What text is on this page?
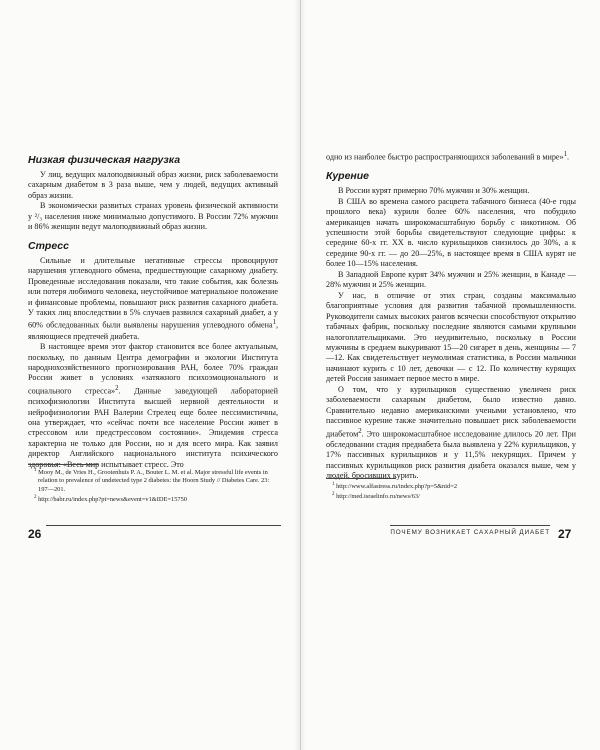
Низкая физическая нагрузка

У лиц, ведущих малоподвижный образ жизни, риск заболеваемости сахарным диабетом в 3 раза выше, чем у людей, ведущих активный образ жизни.

В экономически развитых странах уровень физической активности у ²/₃ населения ниже минимально допустимого. В России 72% мужчин и 86% женщин ведут малоподвижный образ жизни.

Стресс

Сильные и длительные негативные стрессы провоцируют нарушения углеводного обмена, предшествующие сахарному диабету. Проведенные исследования показали, что такие события, как болезнь или потеря любимого человека, неустойчивое материальное положение и финансовые проблемы, повышают риск развития сахарного диабета. У таких лиц впоследствии в 5% случаев развился сахарный диабет, а у 60% обследованных были выявлены нарушения углеводного обмена$^1$, являющиеся предтечей диабета.

В настоящее время этот фактор становится все более актуальным, поскольку, по данным Центра демографии и экологии Института народнохозяйственного прогнозирования РАН, более 70% граждан России живет в условиях «затяжного психоэмоционального и социального стресса»$^2$. Данные заведующей лабораторией психофизиологии Института высшей нервной деятельности и нейрофизиологии РАН Валерии Стрелец еще более пессимистичны, она утверждает, что «сейчас почти все население России живет в стрессовом или предстрессовом состоянии». Эпидемия стресса характерна не только для России, но и для всего мира. Как заявил директор Английского национального института психического здоровья: «Весь мир испытывает стресс. Это

$^1$ Mooy M., de Vries H., Grootenhuis P. A., Bouter L. M. et al. Major stressful life events in relation to prevalence of undetected type 2 diabetes: the Hoorn Study // Diabetes Care. 23: 197—201.
$^2$ http://babr.ru/index.php?pt=news&event=v1&IDE=15750
26

одно из наиболее быстро распространяющихся заболеваний в мире»$^1$.

Курение

В России курят примерно 70% мужчин и 30% женщин.

В США во времена самого расцвета табачного бизнеса (40-е годы прошлого века) курили более 60% населения, что побудило американцев начать широкомасштабную борьбу с никотином. Об успешности этой борьбы свидетельствуют следующие цифры: к середине 60-х гг. XX в. число курильщиков снизилось до 30%, а к середине 90-х гг. — до 20—25%, в настоящее время в США курят не более 10—15% населения.

В Западной Европе курят 34% мужчин и 25% женщин, в Канаде — 28% мужчин и 25% женщин.

У нас, в отличие от этих стран, созданы максимально благоприятные условия для развития табачной промышленности. Руководители самых высоких рангов всячески способствуют открытию табачных фабрик, поскольку последние являются самыми крупными налогоплательщиками. Это неудивительно, поскольку в России мужчины в среднем выкуривают 15—20 сигарет в день, женщины — 7—12. Как свидетельствует неумолимая статистика, в России мальчики начинают курить с 10 лет, девочки — с 12. По количеству курящих детей Россия занимает первое место в мире.

О том, что у курильщиков существенно увеличен риск заболеваемости сахарным диабетом, было известно давно. Сравнительно недавно американскими учеными установлено, что пассивное курение также значительно повышает риск заболеваемости диабетом$^2$. Это широкомасштабное исследование длилось 20 лет. При обследовании стадия предиабета была выявлена у 22% курильщиков, у 17% пассивных курильщиков и у 11,5% некурящих. Причем у пассивных курильщиков риск развития диабета оказался выше, чем у людей, бросивших курить.

$^1$ http://www.alfastress.ru/index.php?p=5&nid=2
$^2$ http://med.israelinfo.ru/news/63/
ПОЧЕМУ ВОЗНИКАЕТ САХАРНЫЙ ДИАБЕТ 27
